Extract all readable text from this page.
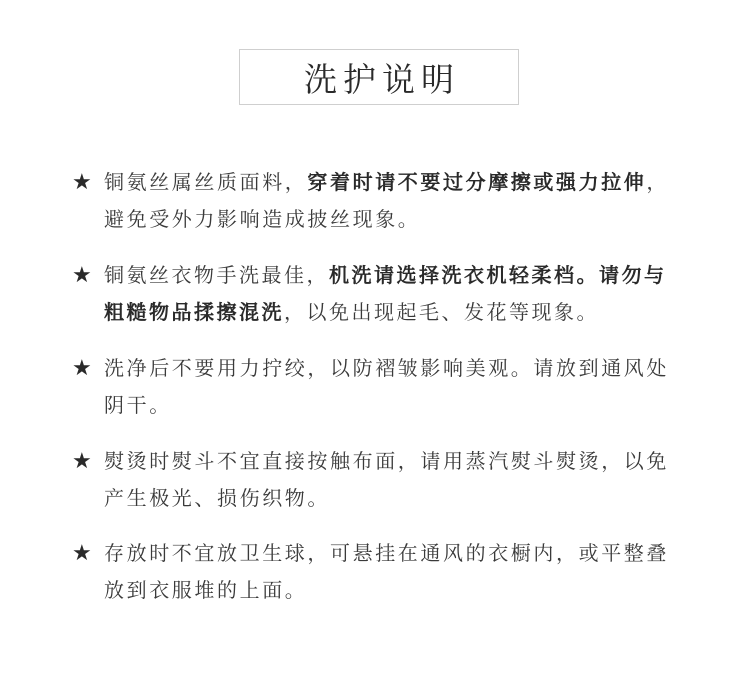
洗护说明
★ 铜氨丝属丝质面料，穿着时请不要过分摩擦或强力拉伸，避免受外力影响造成披丝现象。
★ 铜氨丝衣物手洗最佳，机洗请选择洗衣机轻柔档。请勿与粗糙物品揉擦混洗，以免出现起毛、发花等现象。
★ 洗净后不要用力拧绞，以防褶皱影响美观。请放到通风处阴干。
★ 熨烫时熨斗不宜直接按触布面，请用蒸汽熨斗熨烫，以免产生极光、损伤织物。
★ 存放时不宜放卫生球，可悬挂在通风的衣橱内，或平整叠放到衣服堆的上面。
